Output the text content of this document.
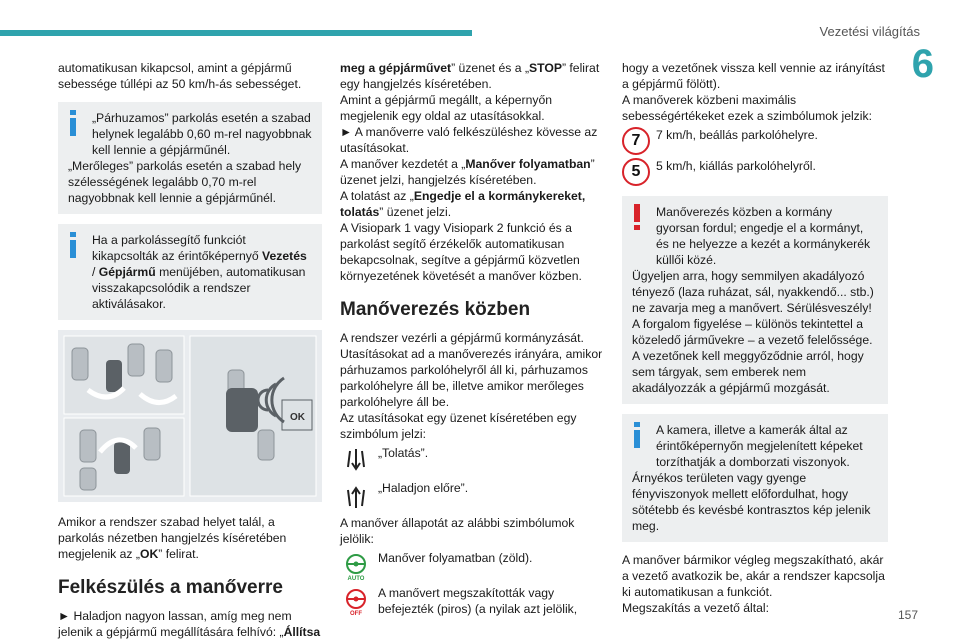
Vezetési világítás
6
157

automatikusan kikapcsol, amint a gépjármű sebessége túllépi az 50 km/h-ás sebességet.

„Párhuzamos” parkolás esetén a szabad helynek legalább 0,60 m-rel nagyobbnak kell lennie a gépjárműnél.

„Merőleges” parkolás esetén a szabad hely szélességének legalább 0,70 m-rel nagyobbnak kell lennie a gépjárműnél.

Ha a parkolássegítő funkciót kikapcsolták az érintőképernyő Vezetés / Gépjármű menüjében, automatikusan visszakapcsolódik a rendszer aktiválásakor.

OK

Amikor a rendszer szabad helyet talál, a parkolás nézetben hangjelzés kíséretében megjelenik az „OK” felirat.

Felkészülés a manőverre

► Haladjon nagyon lassan, amíg meg nem jelenik a gépjármű megállítására felhívó: „Állítsa

meg a gépjárművet” üzenet és a „STOP” felirat egy hangjelzés kíséretében.

Amint a gépjármű megállt, a képernyőn megjelenik egy oldal az utasításokkal.

► A manőverre való felkészüléshez kövesse az utasításokat.

A manőver kezdetét a „Manőver folyamatban” üzenet jelzi, hangjelzés kíséretében.

A tolatást az „Engedje el a kormánykereket, tolatás” üzenet jelzi.

A Visiopark 1 vagy Visiopark 2 funkció és a parkolást segítő érzékelők automatikusan bekapcsolnak, segítve a gépjármű közvetlen környezetének követését a manőver közben.

Manőverezés közben

A rendszer vezérli a gépjármű kormányzását.

Utasításokat ad a manőverezés irányára, amikor párhuzamos parkolóhelyről áll ki, párhuzamos parkolóhelyre áll be, illetve amikor merőleges parkolóhelyre áll be.

Az utasításokat egy üzenet kíséretében egy szimbólum jelzi:

„Tolatás”.
„Haladjon előre”.

A manőver állapotát az alábbi szimbólumok jelölik:

AUTO
Manőver folyamatban (zöld).
OFF
A manővert megszakították vagy befejezték (piros) (a nyilak azt jelölik,

hogy a vezetőnek vissza kell vennie az irányítást a gépjármű fölött).

A manőverek közbeni maximális sebességértékeket ezek a szimbólumok jelzik:

7	7 km/h, beállás parkolóhelyre.
5	5 km/h, kiállás parkolóhelyről.

Manőverezés közben a kormány gyorsan fordul; engedje el a kormányt, és ne helyezze a kezét a kormánykerék küllői közé.

Ügyeljen arra, hogy semmilyen akadályozó tényező (laza ruházat, sál, nyakkendő... stb.) ne zavarja meg a manővert. Sérülésveszély!

A forgalom figyelése – különös tekintettel a közeledő járművekre – a vezető felelőssége.

A vezetőnek kell meggyőződnie arról, hogy sem tárgyak, sem emberek nem akadályozzák a gépjármű mozgását.

A kamera, illetve a kamerák által az érintőképernyőn megjelenített képeket torzíthatják a domborzati viszonyok.

Árnyékos területen vagy gyenge fényviszonyok mellett előfordulhat, hogy sötétebb és kevésbé kontrasztos kép jelenik meg.

A manőver bármikor végleg megszakítható, akár a vezető avatkozik be, akár a rendszer kapcsolja ki automatikusan a funkciót.

Megszakítás a vezető által:
